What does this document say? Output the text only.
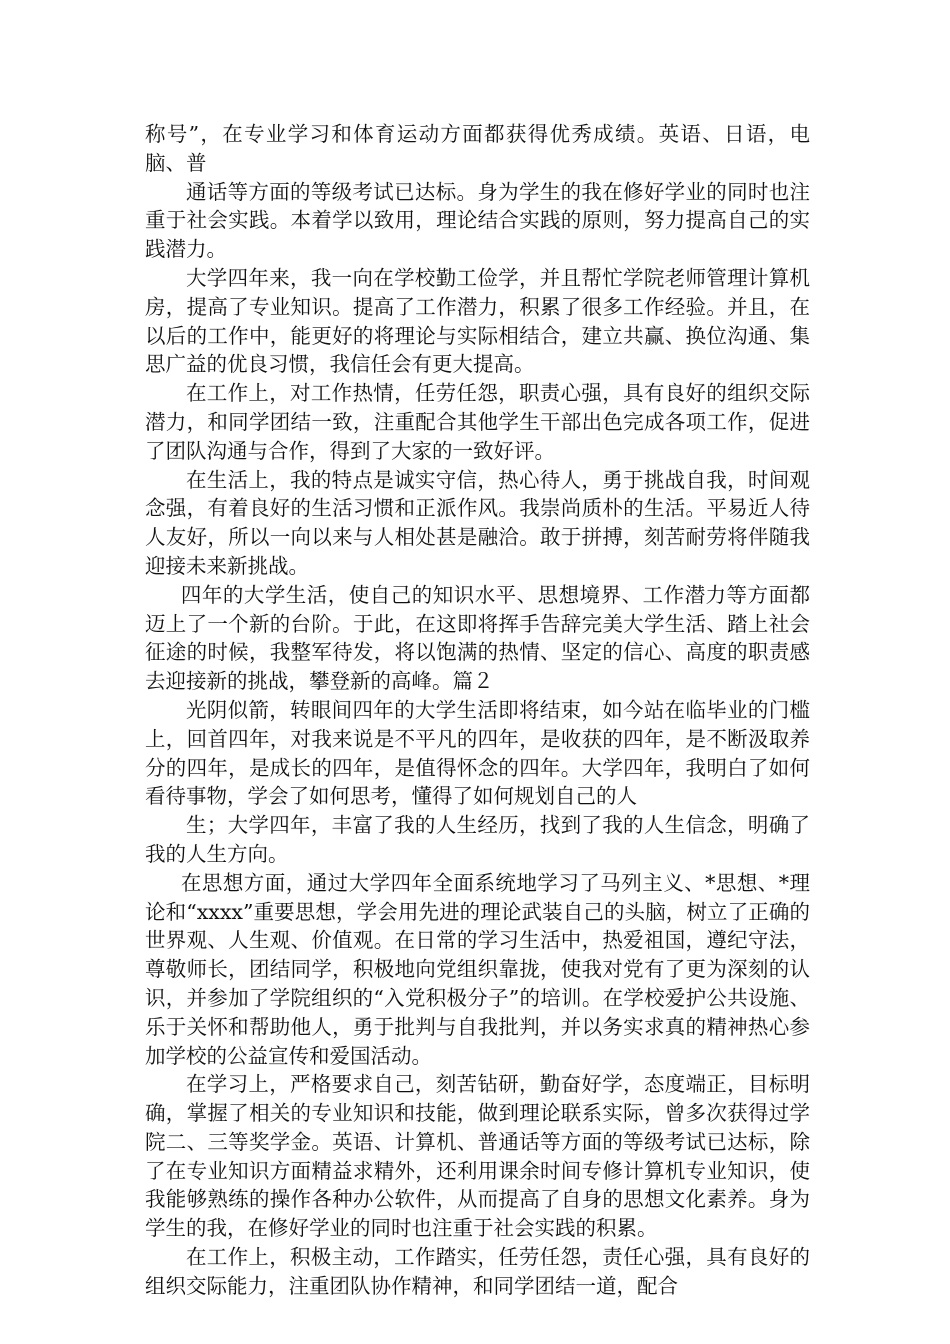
称号”，在专业学习和体育运动方面都获得优秀成绩。英语、日语，电脑、普

通话等方面的等级考试已达标。身为学生的我在修好学业的同时也注重于社会实践。本着学以致用，理论结合实践的原则，努力提高自己的实践潜力。

大学四年来，我一向在学校勤工俭学，并且帮忙学院老师管理计算机房，提高了专业知识。提高了工作潜力，积累了很多工作经验。并且，在以后的工作中，能更好的将理论与实际相结合，建立共赢、换位沟通、集思广益的优良习惯，我信任会有更大提高。

在工作上，对工作热情，任劳任怨，职责心强，具有良好的组织交际潜力，和同学团结一致，注重配合其他学生干部出色完成各项工作，促进了团队沟通与合作，得到了大家的一致好评。

在生活上，我的特点是诚实守信，热心待人，勇于挑战自我，时间观念强，有着良好的生活习惯和正派作风。我崇尚质朴的生活。平易近人待人友好，所以一向以来与人相处甚是融洽。敢于拼搏，刻苦耐劳将伴随我迎接未来新挑战。

四年的大学生活，使自己的知识水平、思想境界、工作潜力等方面都迈上了一个新的台阶。于此，在这即将挥手告辞完美大学生活、踏上社会征途的时候，我整军待发，将以饱满的热情、坚定的信心、高度的职责感去迎接新的挑战，攀登新的高峰。篇２

光阴似箭，转眼间四年的大学生活即将结束，如今站在临毕业的门槛上，回首四年，对我来说是不平凡的四年，是收获的四年，是不断汲取养分的四年，是成长的四年，是值得怀念的四年。大学四年，我明白了如何看待事物，学会了如何思考，懂得了如何规划自己的人

生；大学四年，丰富了我的人生经历，找到了我的人生信念，明确了我的人生方向。

在思想方面，通过大学四年全面系统地学习了马列主义、*思想、*理论和“xxxx”重要思想，学会用先进的理论武装自己的头脑，树立了正确的世界观、人生观、价值观。在日常的学习生活中，热爱祖国，遵纪守法，尊敬师长，团结同学，积极地向党组织靠拢，使我对党有了更为深刻的认识，并参加了学院组织的“入党积极分子”的培训。在学校爱护公共设施、乐于关怀和帮助他人，勇于批判与自我批判，并以务实求真的精神热心参加学校的公益宣传和爱国活动。

在学习上，严格要求自己，刻苦钻研，勤奋好学，态度端正，目标明确，掌握了相关的专业知识和技能，做到理论联系实际，曾多次获得过学院二、三等奖学金。英语、计算机、普通话等方面的等级考试已达标，除了在专业知识方面精益求精外，还利用课余时间专修计算机专业知识，使我能够熟练的操作各种办公软件，从而提高了自身的思想文化素养。身为学生的我，在修好学业的同时也注重于社会实践的积累。

在工作上，积极主动，工作踏实，任劳任怨，责任心强，具有良好的组织交际能力，注重团队协作精神，和同学团结一道，配合
